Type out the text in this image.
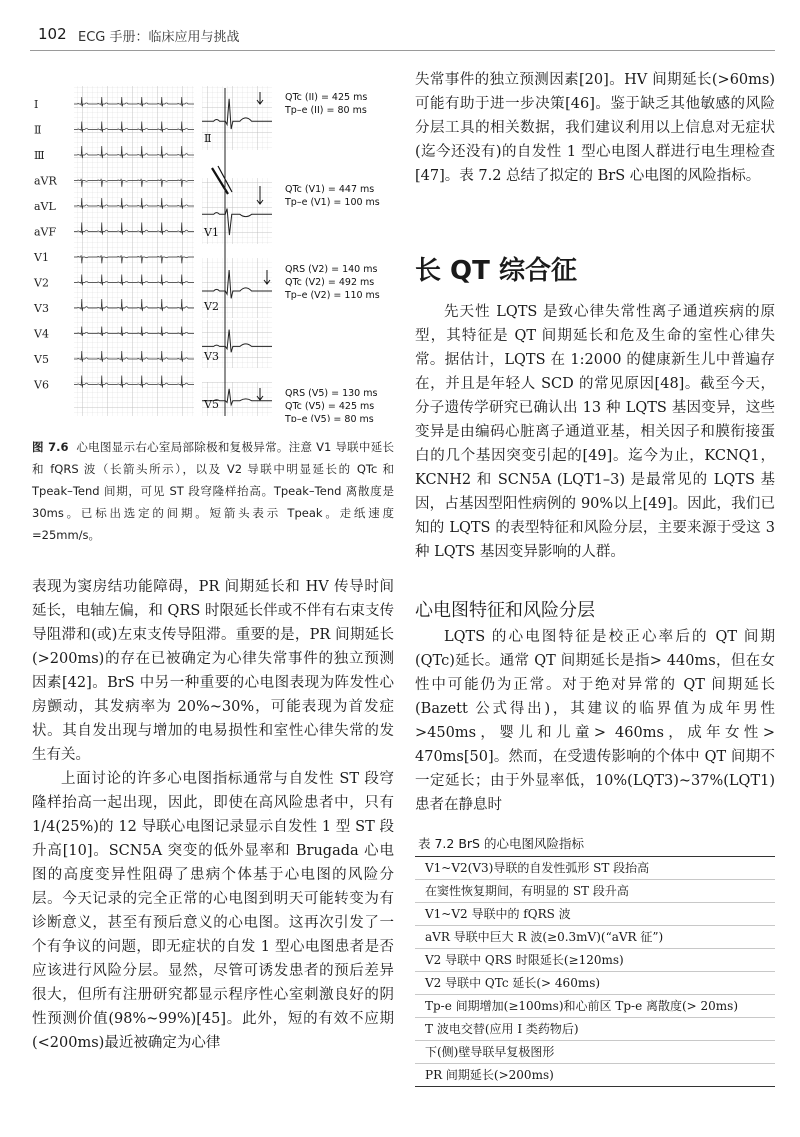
102 ECG 手册：临床应用与挑战
Ⅰ
Ⅱ
Ⅲ
aVR
aVL
aVF
V1
V2
V3
V4
V5
V6
Ⅱ
QTc (II) = 425 ms
Tp–e (II) = 80 ms
V1
QTc (V1) = 447 ms
Tp–e (V1) = 100 ms
V2
QRS (V2) = 140 ms
QTc (V2) = 492 ms
Tp–e (V2) = 110 ms
V3
V5
QRS (V5) = 130 ms
QTc (V5) = 425 ms
Tp–e (V5) = 80 ms
图 7.6 心电图显示右心室局部除极和复极异常。注意 V1 导联中延长和 fQRS 波（长箭头所示），以及 V2 导联中明显延长的 QTc 和 Tpeak–Tend 间期，可见 ST 段穹隆样抬高。Tpeak–Tend 离散度是 30ms。已标出选定的间期。短箭头表示 Tpeak。走纸速度=25mm/s。

表现为窦房结功能障碍，PR 间期延长和 HV 传导时间延长，电轴左偏，和 QRS 时限延长伴或不伴有右束支传导阻滞和(或)左束支传导阻滞。重要的是，PR 间期延长(>200ms)的存在已被确定为心律失常事件的独立预测因素[42]。BrS 中另一种重要的心电图表现为阵发性心房颤动，其发病率为 20%~30%，可能表现为首发症状。其自发出现与增加的电易损性和室性心律失常的发生有关。

上面讨论的许多心电图指标通常与自发性 ST 段穹隆样抬高一起出现，因此，即使在高风险患者中，只有 1/4(25%)的 12 导联心电图记录显示自发性 1 型 ST 段升高[10]。SCN5A 突变的低外显率和 Brugada 心电图的高度变异性阻碍了患病个体基于心电图的风险分层。今天记录的完全正常的心电图到明天可能转变为有诊断意义，甚至有预后意义的心电图。这再次引发了一个有争议的问题，即无症状的自发 1 型心电图患者是否应该进行风险分层。显然，尽管可诱发患者的预后差异很大，但所有注册研究都显示程序性心室刺激良好的阴性预测价值(98%~99%)[45]。此外，短的有效不应期(<200ms)最近被确定为心律

失常事件的独立预测因素[20]。HV 间期延长(>60ms)可能有助于进一步决策[46]。鉴于缺乏其他敏感的风险分层工具的相关数据，我们建议利用以上信息对无症状(迄今还没有)的自发性 1 型心电图人群进行电生理检查[47]。表 7.2 总结了拟定的 BrS 心电图的风险指标。

长 QT 综合征

先天性 LQTS 是致心律失常性离子通道疾病的原型，其特征是 QT 间期延长和危及生命的室性心律失常。据估计，LQTS 在 1:2000 的健康新生儿中普遍存在，并且是年轻人 SCD 的常见原因[48]。截至今天，分子遗传学研究已确认出 13 种 LQTS 基因变异，这些变异是由编码心脏离子通道亚基，相关因子和膜衔接蛋白的几个基因突变引起的[49]。迄今为止，KCNQ1，KCNH2 和 SCN5A (LQT1–3) 是最常见的 LQTS 基因，占基因型阳性病例的 90%以上[49]。因此，我们已知的 LQTS 的表型特征和风险分层，主要来源于受这 3 种 LQTS 基因变异影响的人群。

心电图特征和风险分层

LQTS 的心电图特征是校正心率后的 QT 间期(QTc)延长。通常 QT 间期延长是指> 440ms，但在女性中可能仍为正常。对于绝对异常的 QT 间期延长(Bazett 公式得出)，其建议的临界值为成年男性>450ms，婴儿和儿童> 460ms，成年女性> 470ms[50]。然而，在受遗传影响的个体中 QT 间期不一定延长；由于外显率低，10%(LQT3)~37%(LQT1)患者在静息时

表 7.2 BrS 的心电图风险指标
V1~V2(V3)导联的自发性弧形 ST 段抬高
在窦性恢复期间，有明显的 ST 段升高
V1~V2 导联中的 fQRS 波
aVR 导联中巨大 R 波(≥0.3mV)(“aVR 征”)
V2 导联中 QRS 时限延长(≥120ms)
V2 导联中 QTc 延长(> 460ms)
Tp-e 间期增加(≥100ms)和心前区 Tp-e 离散度(> 20ms)
T 波电交替(应用 Ⅰ 类药物后)
下(侧)壁导联早复极图形
PR 间期延长(>200ms)
